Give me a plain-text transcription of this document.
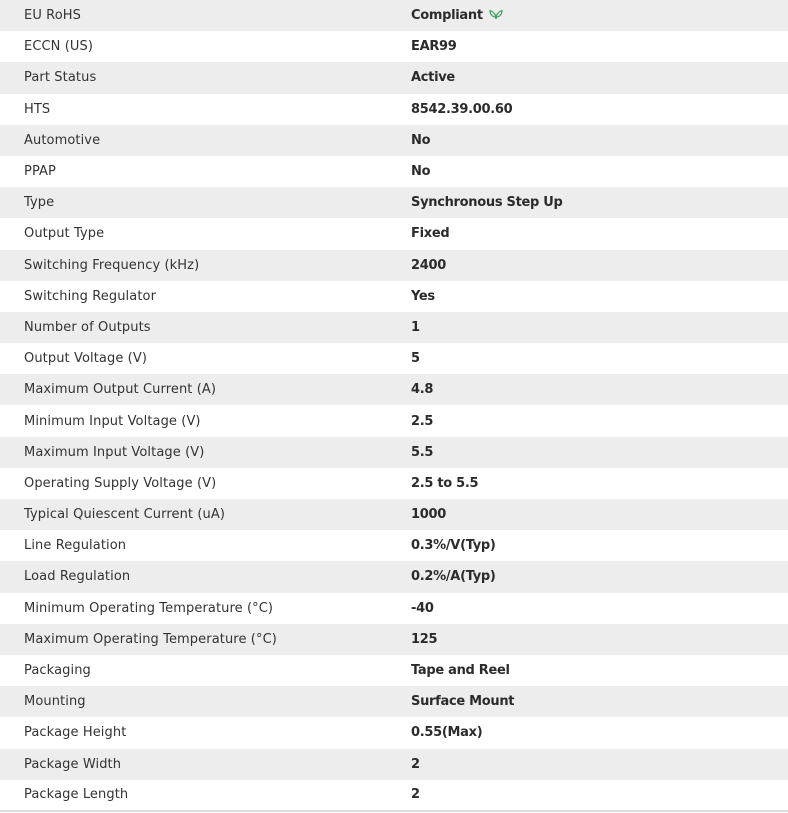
EU RoHS	Compliant
ECCN (US)	EAR99
Part Status	Active
HTS	8542.39.00.60
Automotive	No
PPAP	No
Type	Synchronous Step Up
Output Type	Fixed
Switching Frequency (kHz)	2400
Switching Regulator	Yes
Number of Outputs	1
Output Voltage (V)	5
Maximum Output Current (A)	4.8
Minimum Input Voltage (V)	2.5
Maximum Input Voltage (V)	5.5
Operating Supply Voltage (V)	2.5 to 5.5
Typical Quiescent Current (uA)	1000
Line Regulation	0.3%/V(Typ)
Load Regulation	0.2%/A(Typ)
Minimum Operating Temperature (°C)	-40
Maximum Operating Temperature (°C)	125
Packaging	Tape and Reel
Mounting	Surface Mount
Package Height	0.55(Max)
Package Width	2
Package Length	2
